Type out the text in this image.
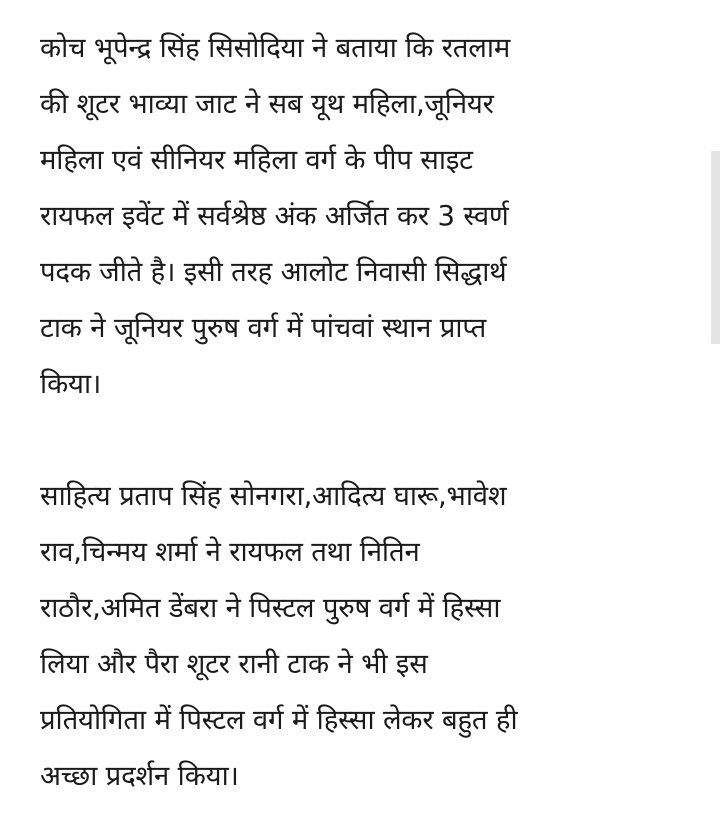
कोच भूपेन्द्र सिंह सिसोदिया ने बताया कि रतलाम
की शूटर भाव्या जाट ने सब यूथ महिला,जूनियर
महिला एवं सीनियर महिला वर्ग के पीप साइट
रायफल इवेंट में सर्वश्रेष्ठ अंक अर्जित कर 3 स्वर्ण
पदक जीते है। इसी तरह आलोट निवासी सिद्धार्थ
टाक ने जूनियर पुरुष वर्ग में पांचवां स्थान प्राप्त
किया।

साहित्य प्रताप सिंह सोनगरा,आदित्य घारू,भावेश
राव,चिन्मय शर्मा ने रायफल तथा नितिन
राठौर,अमित डेंबरा ने पिस्टल पुरुष वर्ग में हिस्सा
लिया और पैरा शूटर रानी टाक ने भी इस
प्रतियोगिता में पिस्टल वर्ग में हिस्सा लेकर बहुत ही
अच्छा प्रदर्शन किया।
